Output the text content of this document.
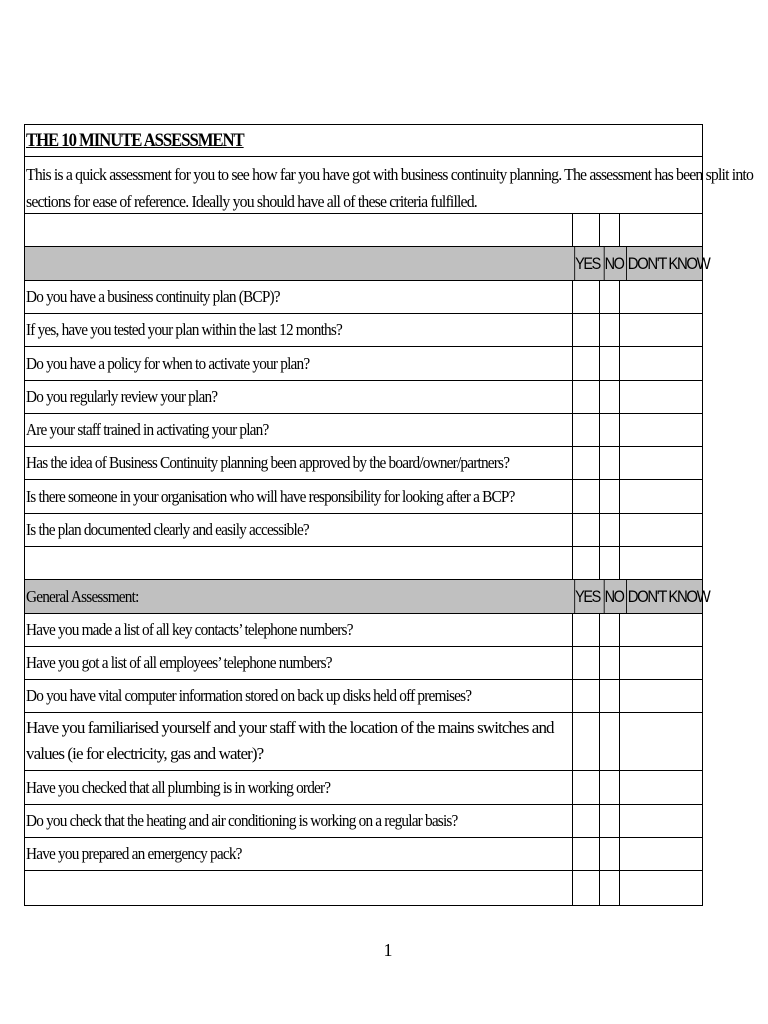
THE 10 MINUTE ASSESSMENT
This is a quick assessment for you to see how far you have got with business continuity planning. The assessment has been split into
sections for ease of reference. Ideally you should have all of these criteria fulfilled.
YES NO DON'T KNOW
Do you have a business continuity plan (BCP)?
If yes, have you tested your plan within the last 12 months?
Do you have a policy for when to activate your plan?
Do you regularly review your plan?
Are your staff trained in activating your plan?
Has the idea of Business Continuity planning been approved by the board/owner/partners?
Is there someone in your organisation who will have responsibility for looking after a BCP?
Is the plan documented clearly and easily accessible?
General Assessment:	YES NO DON'T KNOW
Have you made a list of all key contacts’ telephone numbers?
Have you got a list of all employees’ telephone numbers?
Do you have vital computer information stored on back up disks held off premises?
Have you familiarised yourself and your staff with the location of the mains switches and values (ie for electricity, gas and water)?
Have you checked that all plumbing is in working order?
Do you check that the heating and air conditioning is working on a regular basis?
Have you prepared an emergency pack?
1
